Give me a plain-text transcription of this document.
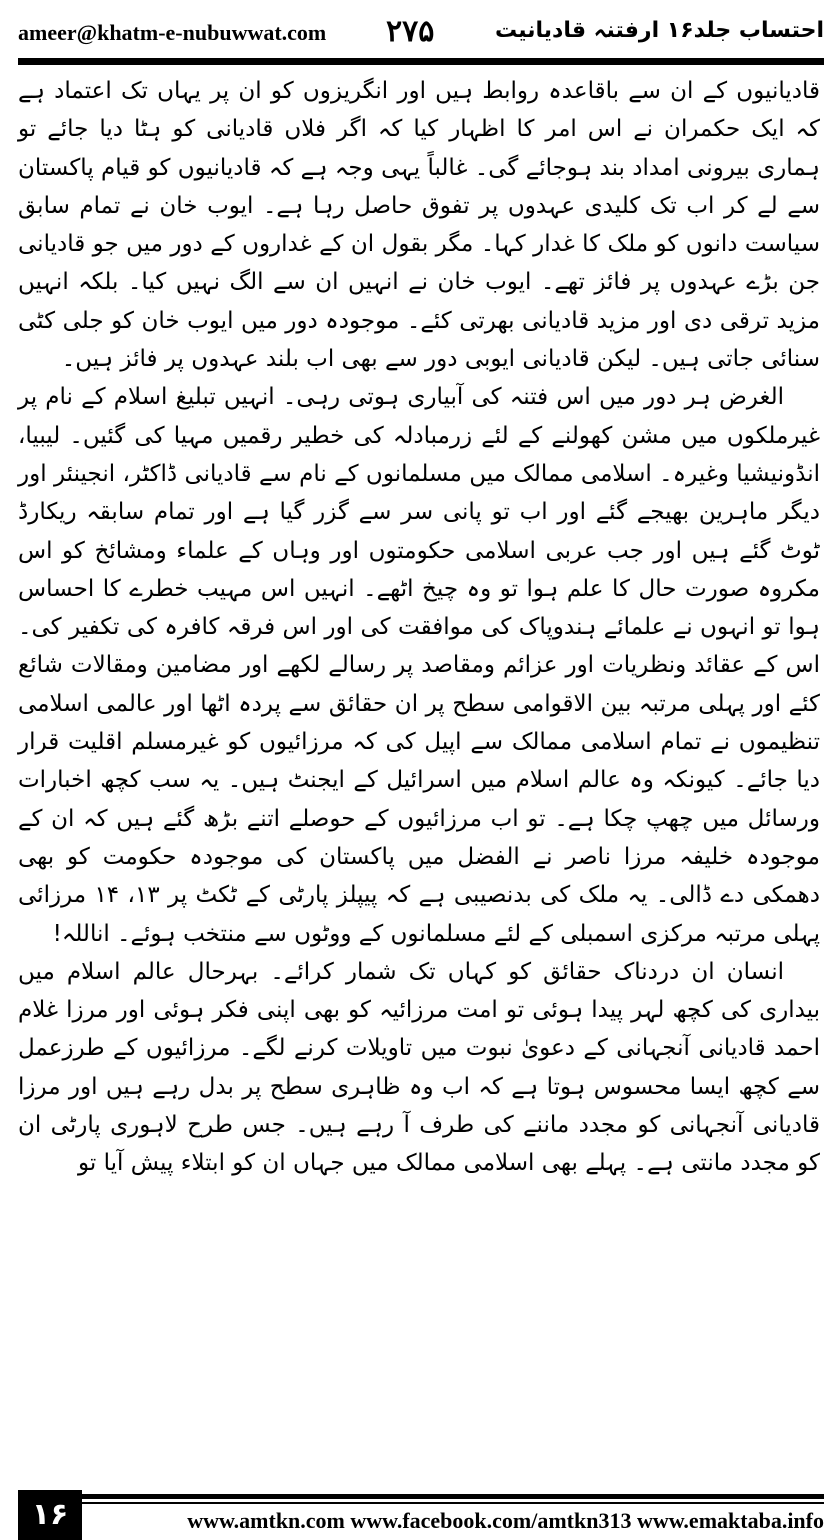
ameer@khatm-e-nubuwwat.com ۲۷۵	احتساب جلد۱۶ ارفتنہ قادیانیت

قادیانیوں کے ان سے باقاعدہ روابط ہیں اور انگریزوں کو ان پر یہاں تک اعتماد ہے کہ ایک حکمران نے اس امر کا اظہار کیا کہ اگر فلاں قادیانی کو ہٹا دیا جائے تو ہماری بیرونی امداد بند ہوجائے گی۔ غالباً یہی وجہ ہے کہ قادیانیوں کو قیام پاکستان سے لے کر اب تک کلیدی عہدوں پر تفوق حاصل رہا ہے۔ ایوب خان نے تمام سابق سیاست دانوں کو ملک کا غدار کہا۔ مگر بقول ان کے غداروں کے دور میں جو قادیانی جن بڑے عہدوں پر فائز تھے۔ ایوب خان نے انہیں ان سے الگ نہیں کیا۔ بلکہ انہیں مزید ترقی دی اور مزید قادیانی بھرتی کئے۔ موجودہ دور میں ایوب خان کو جلی کٹی سنائی جاتی ہیں۔ لیکن قادیانی ایوبی دور سے بھی اب بلند عہدوں پر فائز ہیں۔

الغرض ہر دور میں اس فتنہ کی آبیاری ہوتی رہی۔ انہیں تبلیغ اسلام کے نام پر غیرملکوں میں مشن کھولنے کے لئے زرمبادلہ کی خطیر رقمیں مہیا کی گئیں۔ لیبیا، انڈونیشیا وغیرہ۔ اسلامی ممالک میں مسلمانوں کے نام سے قادیانی ڈاکٹر، انجینئر اور دیگر ماہرین بھیجے گئے اور اب تو پانی سر سے گزر گیا ہے اور تمام سابقہ ریکارڈ ٹوٹ گئے ہیں اور جب عربی اسلامی حکومتوں اور وہاں کے علماء ومشائخ کو اس مکروہ صورت حال کا علم ہوا تو وہ چیخ اٹھے۔ انہیں اس مہیب خطرے کا احساس ہوا تو انہوں نے علمائے ہندوپاک کی موافقت کی اور اس فرقہ کافرہ کی تکفیر کی۔ اس کے عقائد ونظریات اور عزائم ومقاصد پر رسالے لکھے اور مضامین ومقالات شائع کئے اور پہلی مرتبہ بین الاقوامی سطح پر ان حقائق سے پردہ اٹھا اور عالمی اسلامی تنظیموں نے تمام اسلامی ممالک سے اپیل کی کہ مرزائیوں کو غیرمسلم اقلیت قرار دیا جائے۔ کیونکہ وہ عالم اسلام میں اسرائیل کے ایجنٹ ہیں۔ یہ سب کچھ اخبارات ورسائل میں چھپ چکا ہے۔ تو اب مرزائیوں کے حوصلے اتنے بڑھ گئے ہیں کہ ان کے موجودہ خلیفہ مرزا ناصر نے الفضل میں پاکستان کی موجودہ حکومت کو بھی دھمکی دے ڈالی۔ یہ ملک کی بدنصیبی ہے کہ پیپلز پارٹی کے ٹکٹ پر ۱۳، ۱۴ مرزائی پہلی مرتبہ مرکزی اسمبلی کے لئے مسلمانوں کے ووٹوں سے منتخب ہوئے۔ اناللہ!

انسان ان دردناک حقائق کو کہاں تک شمار کرائے۔ بہرحال عالم اسلام میں بیداری کی کچھ لہر پیدا ہوئی تو امت مرزائیہ کو بھی اپنی فکر ہوئی اور مرزا غلام احمد قادیانی آنجہانی کے دعویٰ نبوت میں تاویلات کرنے لگے۔ مرزائیوں کے طرزعمل سے کچھ ایسا محسوس ہوتا ہے کہ اب وہ ظاہری سطح پر بدل رہے ہیں اور مرزا قادیانی آنجہانی کو مجدد ماننے کی طرف آ رہے ہیں۔ جس طرح لاہوری پارٹی ان کو مجدد مانتی ہے۔ پہلے بھی اسلامی ممالک میں جہاں ان کو ابتلاء پیش آیا تو

۱۶	www.amtkn.com www.facebook.com/amtkn313 www.emaktaba.info
